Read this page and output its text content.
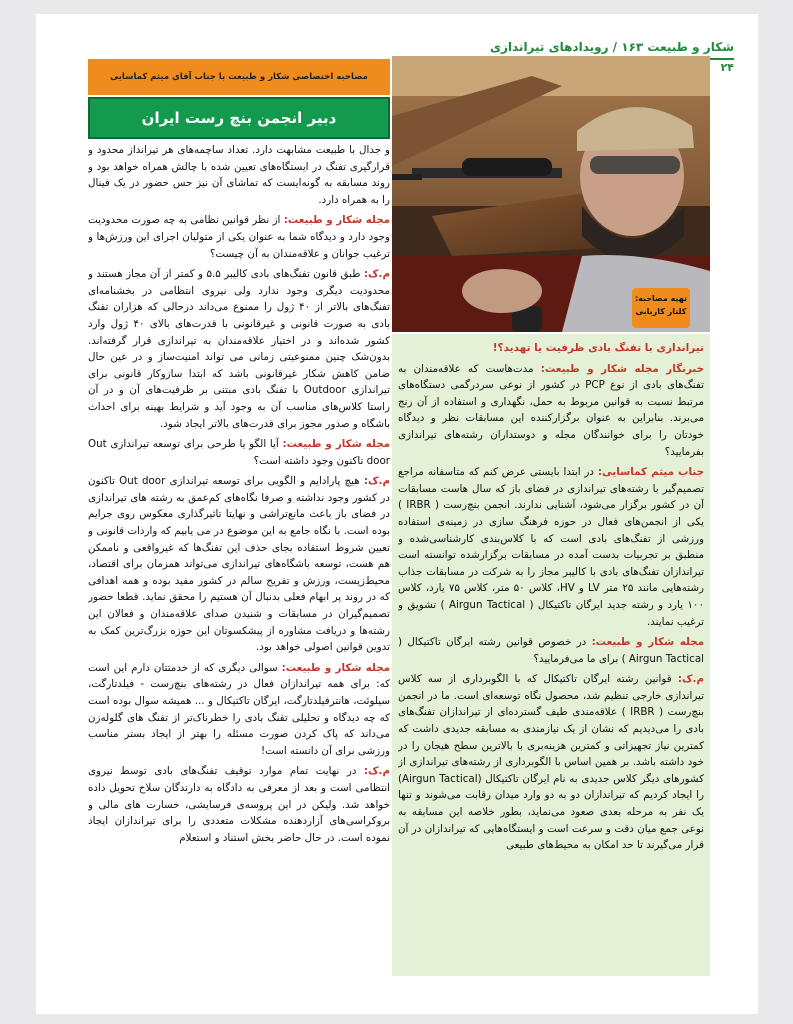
شکار و طبیعت ۱۶۳ / رویدادهای تیراندازی
۲۴
مصاحبه اختصاصی شکار و طبیعت با جناب آقای میثم کماسایی
دبیر انجمن بنچ رست ایران

و جدال با طبیعت مشابهت دارد. تعداد ساچمه‌های هر تیرانداز محدود و قرارگیری تفنگ در ایستگاه‌های تعیین شده با چالش همراه خواهد بود و روند مسابقه به گونه‌ایست که تماشای آن نیز حس حضور در یک فینال را به همراه دارد.

مجله شکار و طبیعت: از نظر قوانین نظامی به چه صورت محدودیت وجود دارد و دیدگاه شما به عنوان یکی از متولیان اجرای این ورزش‌ها و ترغیب جوانان و علاقه‌مندان به آن چیست؟

م.ک: طبق قانون تفنگ‌های بادی کالیبر ۵.۵ و کمتر از آن مجاز هستند و محدودیت دیگری وجود ندارد ولی نیروی انتظامی در بخشنامه‌ای تفنگ‌های بالاتر از ۴۰ ژول را ممنوع می‌داند درحالی که هزاران تفنگ بادی به صورت قانونی و غیرقانونی با قدرت‌های بالای ۴۰ ژول وارد کشور شده‌اند و در اختیار علاقه‌مندان به تیراندازی قرار گرفته‌اند. بدون‌شک چنین ممنوعیتی زمانی می تواند امنیت‌ساز و در عین حال ضامن کاهش شکار غیرقانونی باشد که ابتدا سازوکار قانونی برای تیراندازی Outdoor با تفنگ بادی مبتنی بر ظرفیت‌های آن و در آن راستا کلاس‌های مناسب آن به وجود آید و شرایط بهینه برای احداث باشگاه و صدور مجوز برای قدرت‌های بالاتر ایجاد شود.

مجله شکار و طبیعت: آیا الگو یا طرحی برای توسعه تیراندازی Out door تاکنون وجود داشته است؟

م.ک: هیچ پارادایم و الگویی برای توسعه تیراندازی Out door تاکنون در کشور وجود نداشته و صرفا نگاه‌های کم‌عمق به رشته های تیراندازی در فضای باز باعث مانع‌تراشی و نهایتا تاثیرگذاری معکوس روی جرایم بوده است. با نگاه جامع به این موضوع در می یابیم که واردات قانونی و تعیین شروط استفاده بجای حذف این تفنگ‌ها که غیرواقعی و ناممکن هم هست، توسعه باشگاه‌های تیراندازی می‌تواند همزمان برای اقتصاد، محیط‌زیست، ورزش و تفریح سالم در کشور مفید بوده و همه اهدافی که در روند پر ابهام فعلی بدنبال آن هستیم را محقق نماید. قطعا حضور تصمیم‌گیران در مسابقات و شنیدن صدای علاقه‌مندان و فعالان این رشته‌ها و دریافت مشاوره از پیشکسوتان این حوزه بزرگ‌ترین کمک به تدوین قوانین اصولی خواهد بود.

مجله شکار و طبیعت: سوالی دیگری که از خدمتتان دارم این است که: برای همه تیراندازان فعال در رشته‌های بنچ‌رست - فیلدتارگت، سیلوئت، هانترفیلدتارگت، ایرگان تاکتیکال و ... همیشه سوال بوده است که چه دیدگاه و تحلیلی تفنگ بادی را خطرناک‌تر از تفنگ های گلوله‌زن می‌داند که پاک کردن صورت مسئله را بهتر از ایجاد بستر مناسب ورزشی برای آن دانسته است!

م.ک: در نهایت تمام موارد توقیف تفنگ‌های بادی توسط نیروی انتظامی است و بعد از معرفی به دادگاه به دارندگان سلاح تحویل داده خواهد شد. ولیکن در این پروسه‌ی فرسایشی، خسارت های مالی و بروکراسی‌های آزاردهنده مشکلات متعددی را برای تیراندازان ایجاد نموده است. در حال حاضر بخش استناد و استعلام

تهیه مصاحبه:
کلنار کاربابی

تیراندازی با تفنگ بادی ظرفیت یا تهدید؟!

خبرنگار مجله شکار و طبیعت: مدت‌هاست که علاقه‌مندان به تفنگ‌های بادی از نوع PCP در کشور از نوعی سردرگمی دستگاه‌های مرتبط نسبت به قوانین مربوط به حمل، نگهداری و استفاده از آن رنج می‌برند. بنابراین به عنوان برگزارکننده این مسابقات نظر و دیدگاه خودتان را برای خوانندگان مجله و دوستداران رشته‌های تیراندازی بفرمایید؟

جناب میثم کماسایی: در ابتدا بایستی عرض کنم که متاسفانه مراجع تصمیم‌گیر با رشته‌های تیراندازی در فضای باز که سال هاست مسابقات آن در کشور برگزار می‌شود، آشنایی ندارند. انجمن بنچ‌رست ( IRBR ) یکی از انجمن‌های فعال در حوزه فرهنگ سازی در زمینه‌ی استفاده ورزشی از تفنگ‌های بادی است که با کلاس‌بندی کارشناسی‌شده و منطبق بر تجربیات بدست آمده در مسابقات برگزارشده توانسته است تیراندازان تفنگ‌های بادی با کالیبر مجاز را به شرکت در مسابقات جذاب رشته‌هایی مانند ۲۵ متر LV و HV، کلاس ۵۰ متر، کلاس ۷۵ یارد، کلاس ۱۰۰ یارد و رشته جدید ایرگان تاکتیکال ( Airgun Tactical ) تشویق و ترغیب نمایند.

مجله شکار و طبیعت: در خصوص قوانین رشته ایرگان تاکتیکال ( Airgun Tactical ) برای ما می‌فرمایید؟

م.ک: قوانین رشته ایرگان تاکتیکال که با الگوبرداری از سه کلاس تیراندازی خارجی تنظیم شد، محصول نگاه توسعه‌ای است. ما در انجمن بنچ‌رست ( IRBR ) علاقه‌مندی طیف گسترده‌ای از تیراندازان تفنگ‌های بادی را می‌دیدیم که نشان از یک نیازمندی به مسابقه جدیدی داشت که کمترین نیاز تجهیزاتی و کمترین هزینه‌بری با بالاترین سطح هیجان را در خود داشته باشد. بر همین اساس با الگوبرداری از رشته‌های تیراندازی از کشورهای دیگر کلاس جدیدی به نام ایرگان تاکتیکال (Airgun Tactical) را ایجاد کردیم که تیراندازان دو به دو وارد میدان رقابت می‌شوند و تنها یک نفر به مرحله بعدی صعود می‌نماید، بطور خلاصه این مسابقه به نوعی جمع میان دقت و سرعت است و ایستگاه‌هایی که تیراندازان در آن قرار می‌گیرند تا حد امکان به محیط‌های طبیعی
